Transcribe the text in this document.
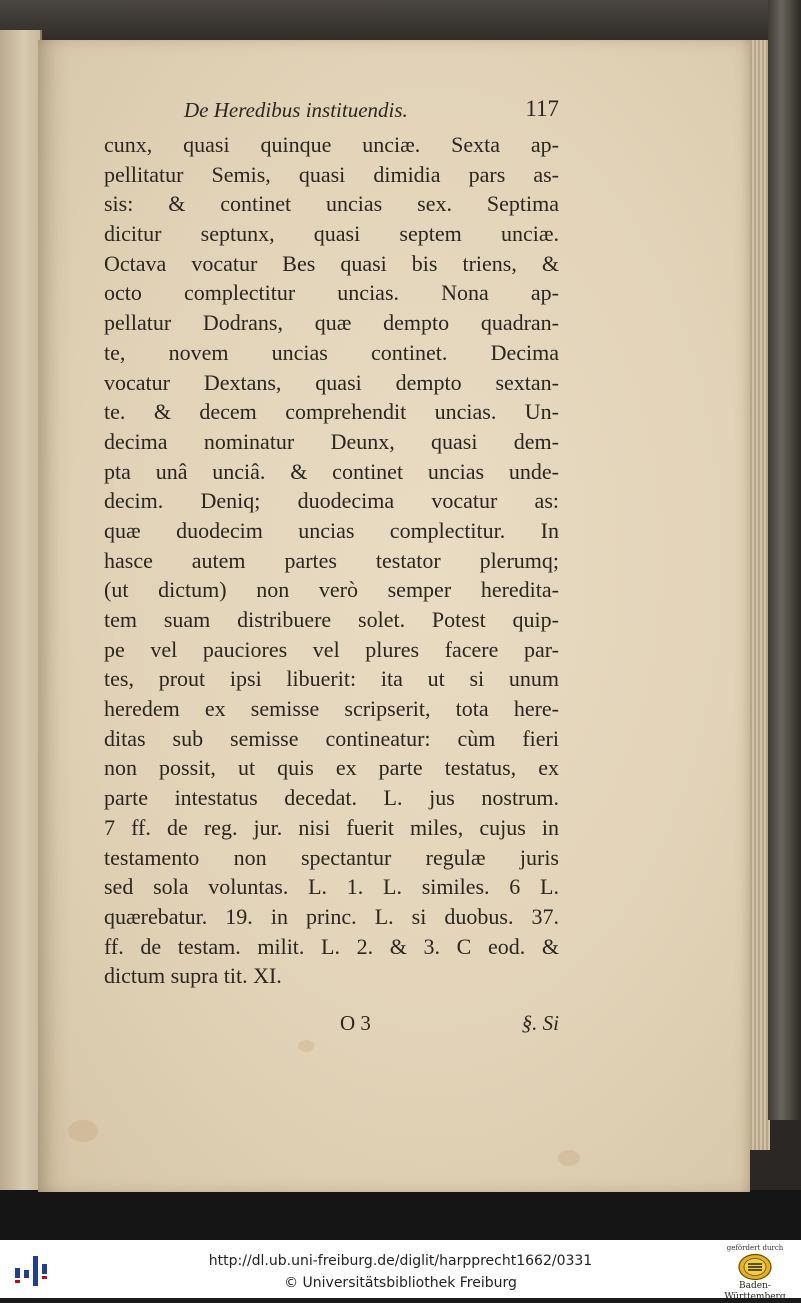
De Heredibus instituendis.	117
cunx, quasi quinque unciæ. Sexta ap-
pellitatur Semis, quasi dimidia pars as-
sis: & continet uncias sex. Septima
dicitur septunx, quasi septem unciæ.
Octava vocatur Bes quasi bis triens, &
octo complectitur uncias. Nona ap-
pellatur Dodrans, quæ dempto quadran-
te, novem uncias continet. Decima
vocatur Dextans, quasi dempto sextan-
te. & decem comprehendit uncias. Un-
decima nominatur Deunx, quasi dem-
pta unâ unciâ. & continet uncias unde-
decim. Deniq; duodecima vocatur as:
quæ duodecim uncias complectitur. In
hasce autem partes testator plerumq;
(ut dictum) non verò semper heredita-
tem suam distribuere solet. Potest quip-
pe vel pauciores vel plures facere par-
tes, prout ipsi libuerit: ita ut si unum
heredem ex semisse scripserit, tota here-
ditas sub semisse contineatur: cùm fieri
non possit, ut quis ex parte testatus, ex
parte intestatus decedat. L. jus nostrum.
7 ff. de reg. jur. nisi fuerit miles, cujus in
testamento non spectantur regulæ juris
sed sola voluntas. L. 1. L. similes. 6 L.
quærebatur. 19. in princ. L. si duobus. 37.
ff. de testam. milit. L. 2. & 3. C eod. &
dictum supra tit. XI.
O 3	§. Si
http://dl.ub.uni-freiburg.de/diglit/harpprecht1662/0331
© Universitätsbibliothek Freiburg
gefördert durch
Baden-Württemberg
